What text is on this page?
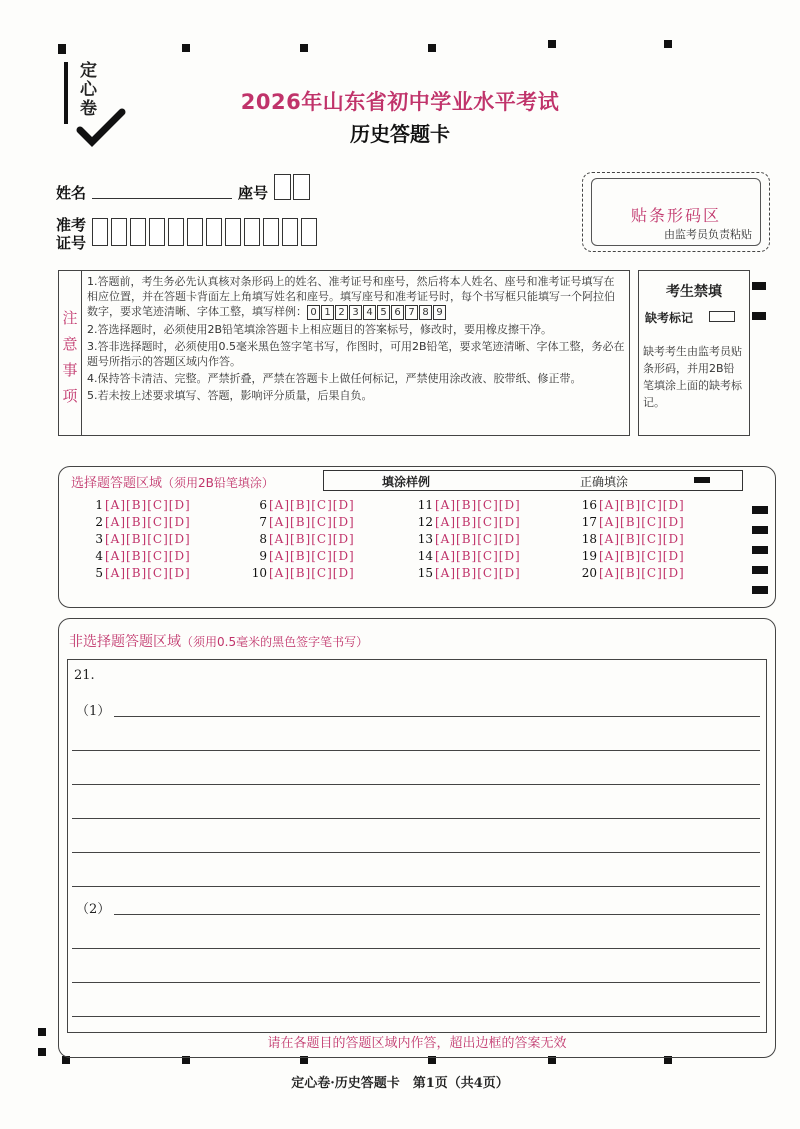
定心卷	2026年山东省初中学业水平考试
历史答题卡
姓名	座号
准考
证号
贴条形码区
由监考员负责粘贴
注
意
事
项

1.答题前，考生务必先认真核对条形码上的姓名、准考证号和座号，然后将本人姓名、座号和准考证号填写在相应位置，并在答题卡背面左上角填写姓名和座号。填写座号和准考证号时，每个书写框只能填写一个阿拉伯数字，要求笔迹清晰、字体工整，填写样例： 0 1 2 3 4 5 6 7 8 9

2.答选择题时，必须使用2B铅笔填涂答题卡上相应题目的答案标号，修改时，要用橡皮擦干净。

3.答非选择题时，必须使用0.5毫米黑色签字笔书写，作图时，可用2B铅笔，要求笔迹清晰、字体工整，务必在题号所指示的答题区域内作答。

4.保持答卡清洁、完整。严禁折叠，严禁在答题卡上做任何标记，严禁使用涂改液、胶带纸、修正带。

5.若未按上述要求填写、答题，影响评分质量，后果自负。

考生禁填
缺考标记
缺考考生由监考员贴条形码，并用2B铅笔填涂上面的缺考标记。
选择题答题区域（须用2B铅笔填涂）	填涂样例	正确填涂
1 [A][B][C][D]
2 [A][B][C][D]
3 [A][B][C][D]
4 [A][B][C][D]
5 [A][B][C][D]
6 [A][B][C][D]
7 [A][B][C][D]
8 [A][B][C][D]
9 [A][B][C][D]
10 [A][B][C][D]
11 [A][B][C][D]
12 [A][B][C][D]
13 [A][B][C][D]
14 [A][B][C][D]
15 [A][B][C][D]
16 [A][B][C][D]
17 [A][B][C][D]
18 [A][B][C][D]
19 [A][B][C][D]
20 [A][B][C][D]
非选择题答题区域（须用0.5毫米的黑色签字笔书写）
21.
（1）
（2）
请在各题目的答题区域内作答，超出边框的答案无效
定心卷·历史答题卡　第1页（共4页）
